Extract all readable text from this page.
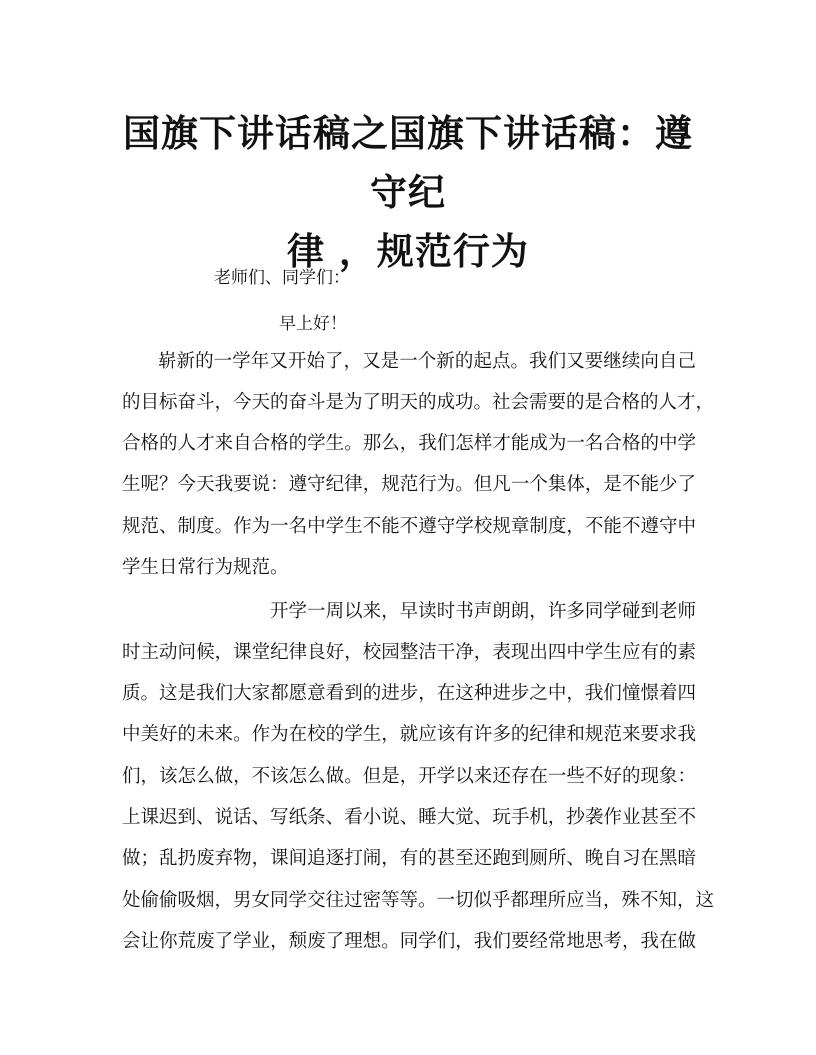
国旗下讲话稿之国旗下讲话稿：遵守纪
律 ，规范行为

老师们、同学们：

早上好！

崭新的一学年又开始了，又是一个新的起点。我们又要继续向自己

的目标奋斗，今天的奋斗是为了明天的成功。社会需要的是合格的人才，

合格的人才来自合格的学生。那么，我们怎样才能成为一名合格的中学

生呢？今天我要说：遵守纪律，规范行为。但凡一个集体，是不能少了

规范、制度。作为一名中学生不能不遵守学校规章制度，不能不遵守中

学生日常行为规范。

开学一周以来，早读时书声朗朗，许多同学碰到老师

时主动问候，课堂纪律良好，校园整洁干净，表现出四中学生应有的素

质。这是我们大家都愿意看到的进步，在这种进步之中，我们憧憬着四

中美好的未来。作为在校的学生，就应该有许多的纪律和规范来要求我

们，该怎么做，不该怎么做。但是，开学以来还存在一些不好的现象：

上课迟到、说话、写纸条、看小说、睡大觉、玩手机，抄袭作业甚至不

做；乱扔废弃物，课间追逐打闹，有的甚至还跑到厕所、晚自习在黑暗

处偷偷吸烟，男女同学交往过密等等。一切似乎都理所应当，殊不知，这

会让你荒废了学业，颓废了理想。同学们，我们要经常地思考，我在做
